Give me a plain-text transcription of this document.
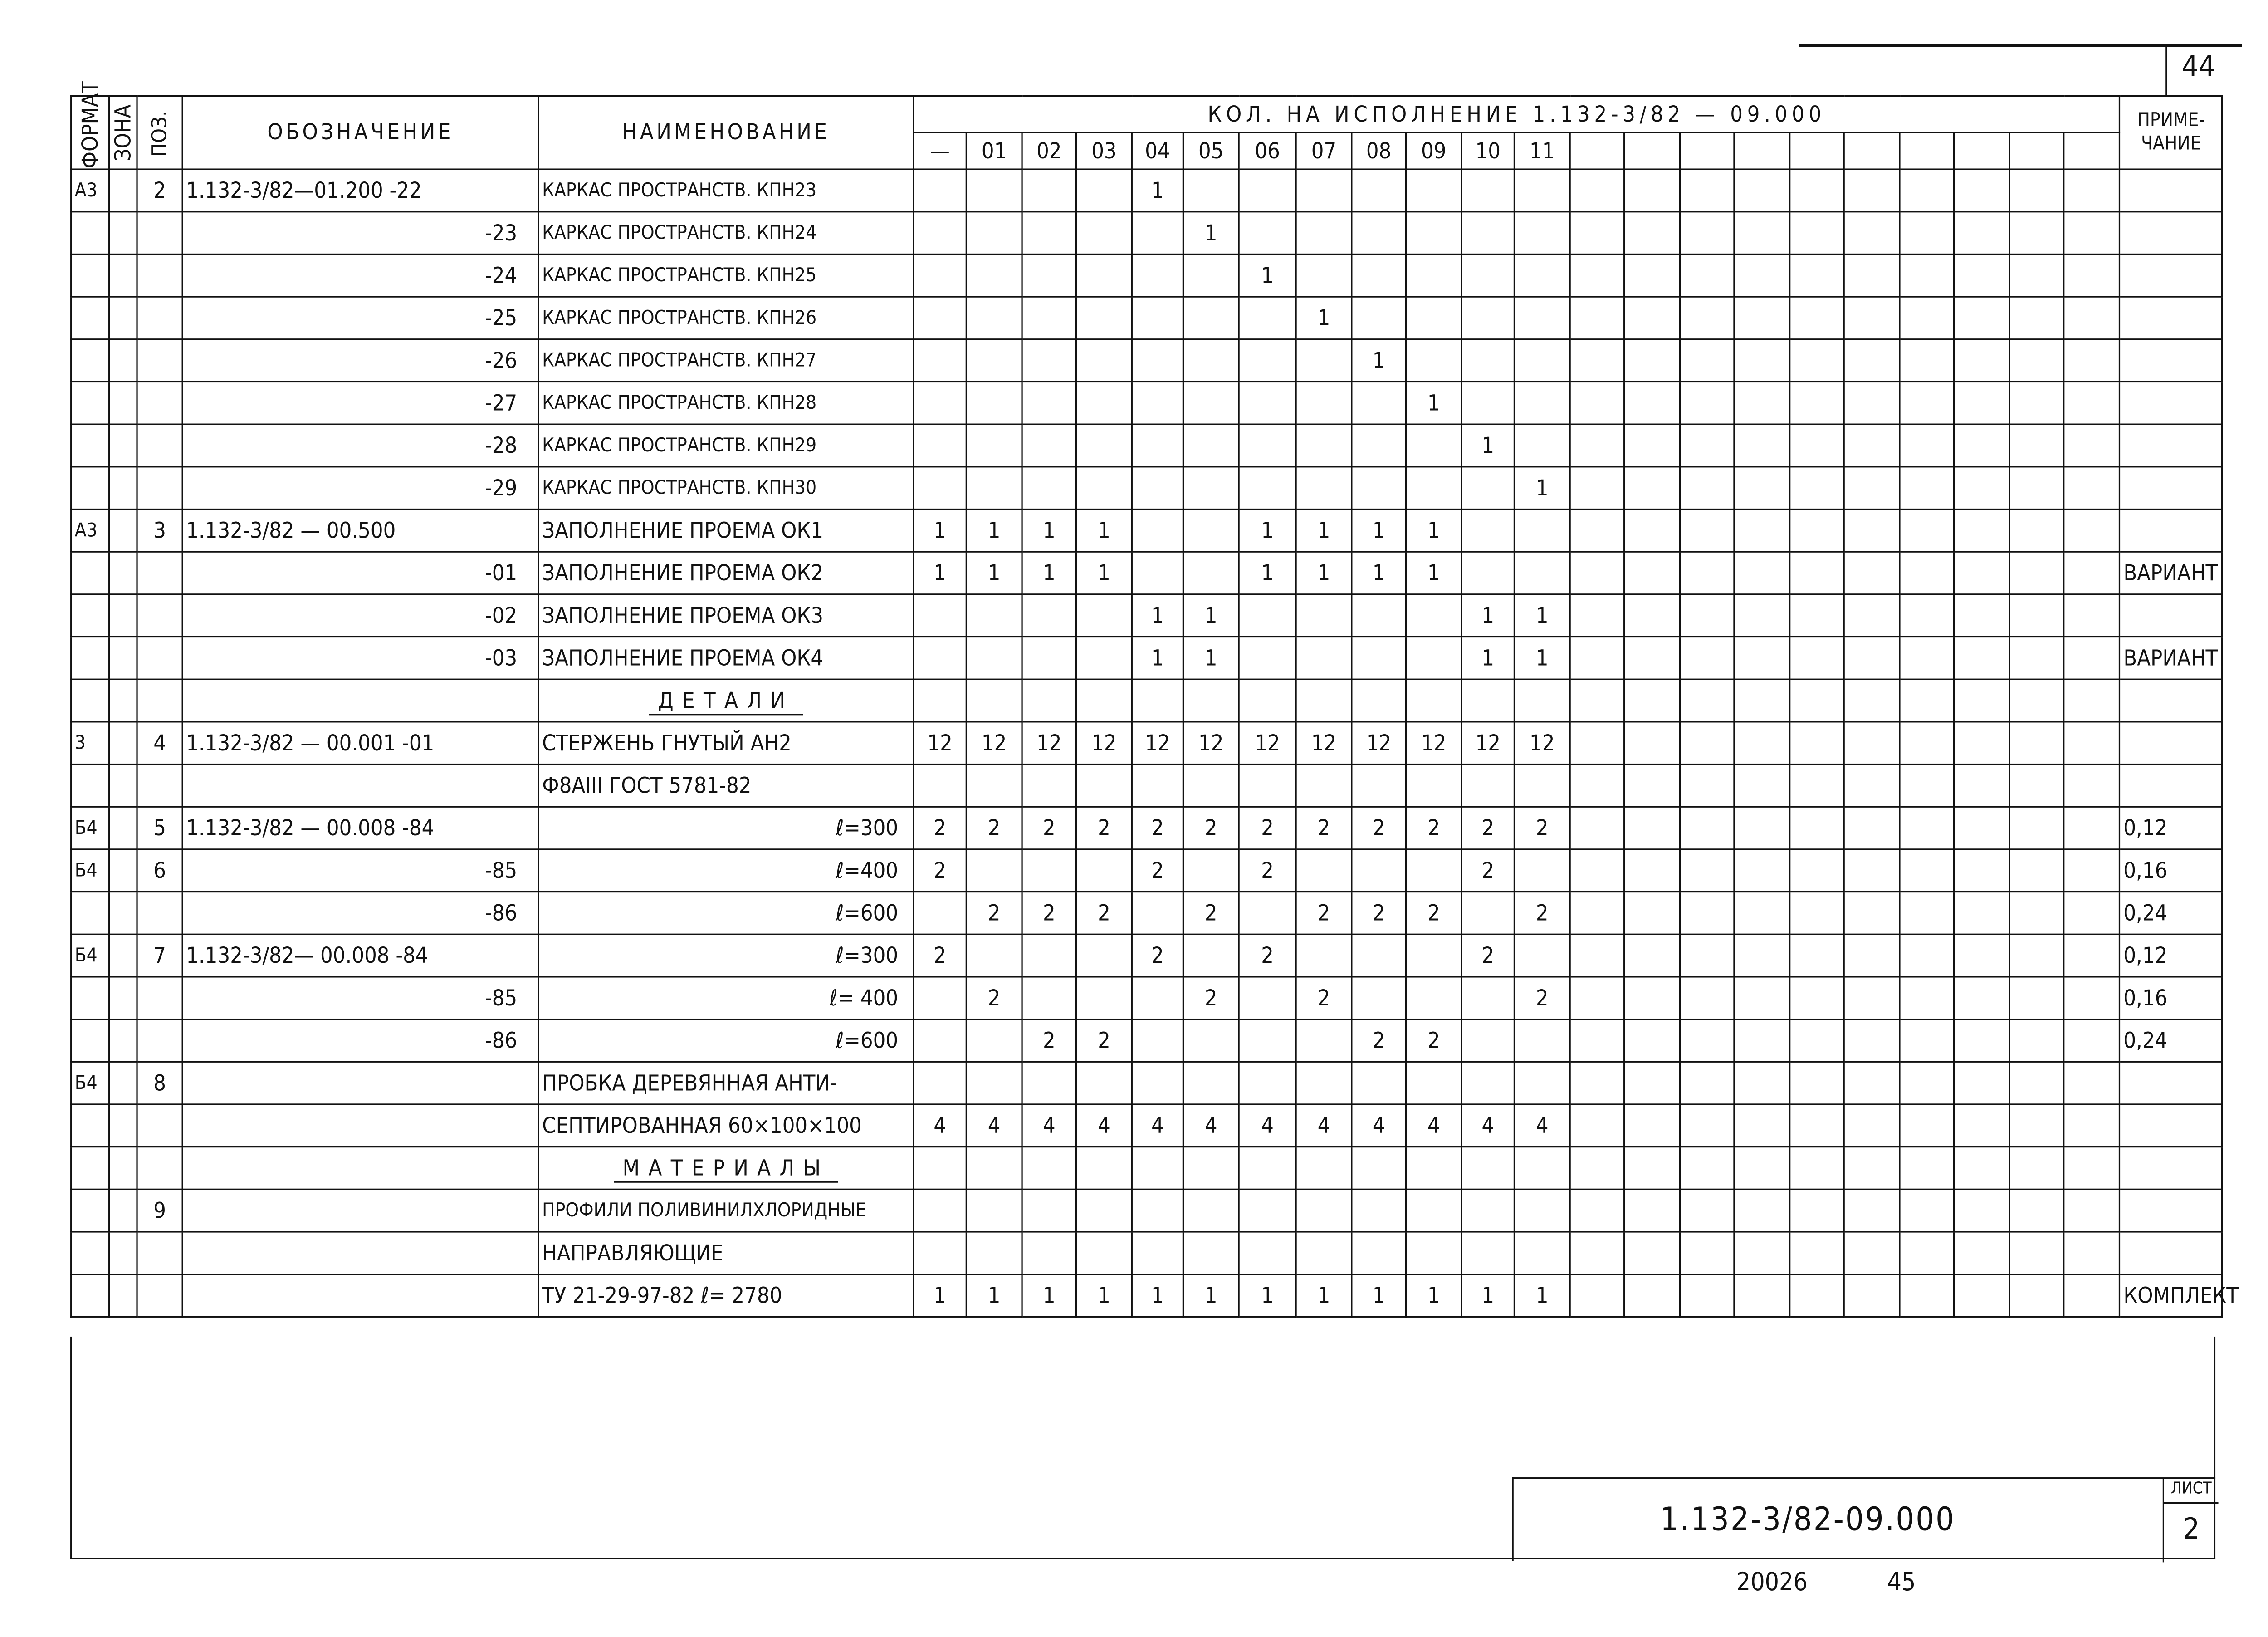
44
ФОРМАТ	ЗОНА	ПОЗ.	ОБОЗНАЧЕНИЕ	НАИМЕНОВАНИЕ	КОЛ. НА ИСПОЛНЕНИЕ 1.132-3/82 — 09.000																						ПРИМЕ-ЧАНИЕ
					—	01	02	03	04	05	06	07	08	09	10	11											
А3		2	1.132-3/82—01.200 -22	КАРКАС ПРОСТРАНСТВ. КПН23					1																		
			-23	КАРКАС ПРОСТРАНСТВ. КПН24						1																	
			-24	КАРКАС ПРОСТРАНСТВ. КПН25							1																
			-25	КАРКАС ПРОСТРАНСТВ. КПН26								1															
			-26	КАРКАС ПРОСТРАНСТВ. КПН27									1														
			-27	КАРКАС ПРОСТРАНСТВ. КПН28										1													
			-28	КАРКАС ПРОСТРАНСТВ. КПН29											1												
			-29	КАРКАС ПРОСТРАНСТВ. КПН30												1											
А3		3	1.132-3/82 — 00.500	ЗАПОЛНЕНИЕ ПРОЕМА ОК1	1	1	1	1			1	1	1	1													
			-01	ЗАПОЛНЕНИЕ ПРОЕМА ОК2	1	1	1	1			1	1	1	1													ВАРИАНТ
			-02	ЗАПОЛНЕНИЕ ПРОЕМА ОК3					1	1					1	1											
			-03	ЗАПОЛНЕНИЕ ПРОЕМА ОК4					1	1					1	1											ВАРИАНТ
				ДЕТАЛИ																							
3		4	1.132-3/82 — 00.001 -01	СТЕРЖЕНЬ ГНУТЫЙ АН2	12	12	12	12	12	12	12	12	12	12	12	12											
				Ф8АIII ГОСТ 5781-82																							
Б4		5	1.132-3/82 — 00.008 -84	ℓ=300	2	2	2	2	2	2	2	2	2	2	2	2											0,12
Б4		6	-85	ℓ=400	2				2		2				2												0,16
			-86	ℓ=600		2	2	2		2		2	2	2		2											0,24
Б4		7	1.132-3/82— 00.008 -84	ℓ=300	2				2		2				2												0,12
			-85	ℓ= 400		2				2		2				2											0,16
			-86	ℓ=600			2	2					2	2													0,24
Б4		8		ПРОБКА ДЕРЕВЯННАЯ АНТИ-																							
				СЕПТИРОВАННАЯ 60×100×100	4	4	4	4	4	4	4	4	4	4	4	4											
				МАТЕРИАЛЫ																							
		9		ПРОФИЛИ ПОЛИВИНИЛХЛОРИДНЫЕ																							
				НАПРАВЛЯЮЩИЕ																							
				ТУ 21-29-97-82 ℓ= 2780	1	1	1	1	1	1	1	1	1	1	1	1											КОМПЛЕКТ
1.132-3/82-09.000
ЛИСТ
2
20026	45
